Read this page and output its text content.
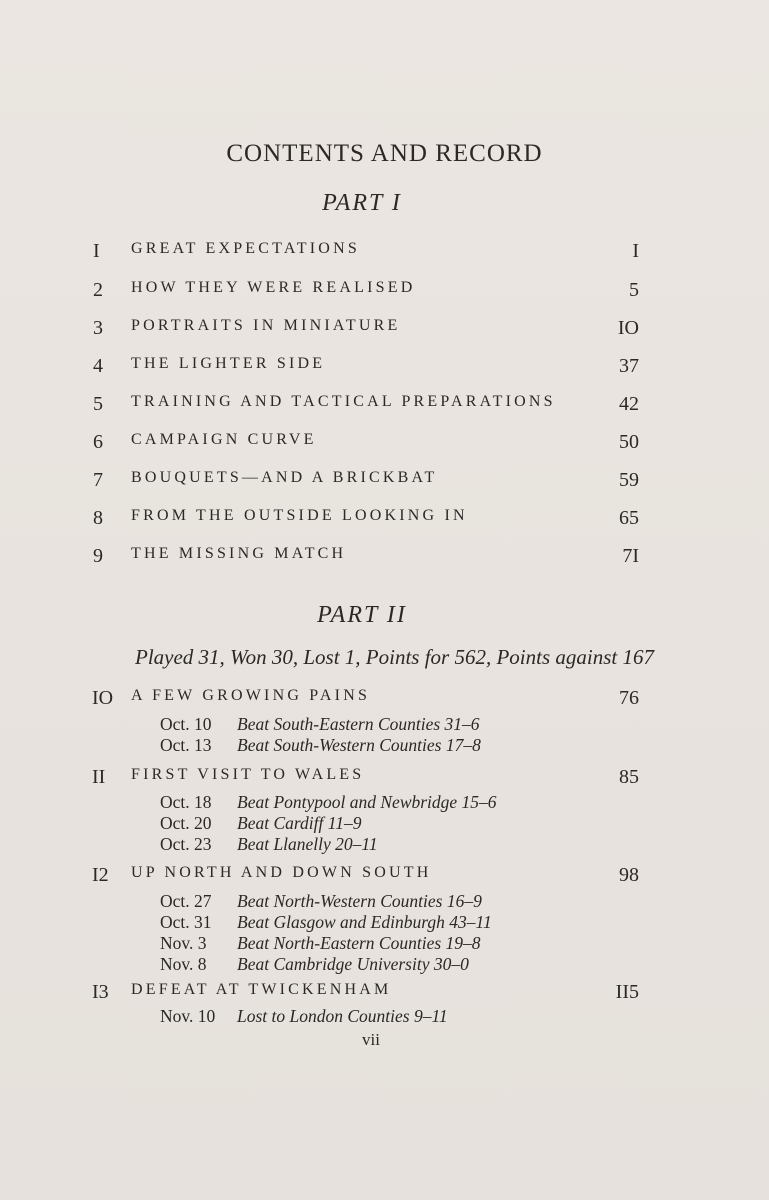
CONTENTS AND RECORD
PART I
I	GREAT EXPECTATIONS	I
2	HOW THEY WERE REALISED	5
3	PORTRAITS IN MINIATURE	IO
4	THE LIGHTER SIDE	37
5	TRAINING AND TACTICAL PREPARATIONS	42
6	CAMPAIGN CURVE	50
7	BOUQUETS—AND A BRICKBAT	59
8	FROM THE OUTSIDE LOOKING IN	65
9	THE MISSING MATCH	7I
PART II
Played 31, Won 30, Lost 1, Points for 562, Points against 167
IO	A FEW GROWING PAINS	76
Oct. 10 Beat South-Eastern Counties 31–6
Oct. 13 Beat South-Western Counties 17–8
II	FIRST VISIT TO WALES	85
Oct. 18 Beat Pontypool and Newbridge 15–6
Oct. 20 Beat Cardiff 11–9
Oct. 23 Beat Llanelly 20–11
I2	UP NORTH AND DOWN SOUTH	98
Oct. 27 Beat North-Western Counties 16–9
Oct. 31 Beat Glasgow and Edinburgh 43–11
Nov. 3 Beat North-Eastern Counties 19–8
Nov. 8 Beat Cambridge University 30–0
I3	DEFEAT AT TWICKENHAM	II5
Nov. 10 Lost to London Counties 9–11
vii
